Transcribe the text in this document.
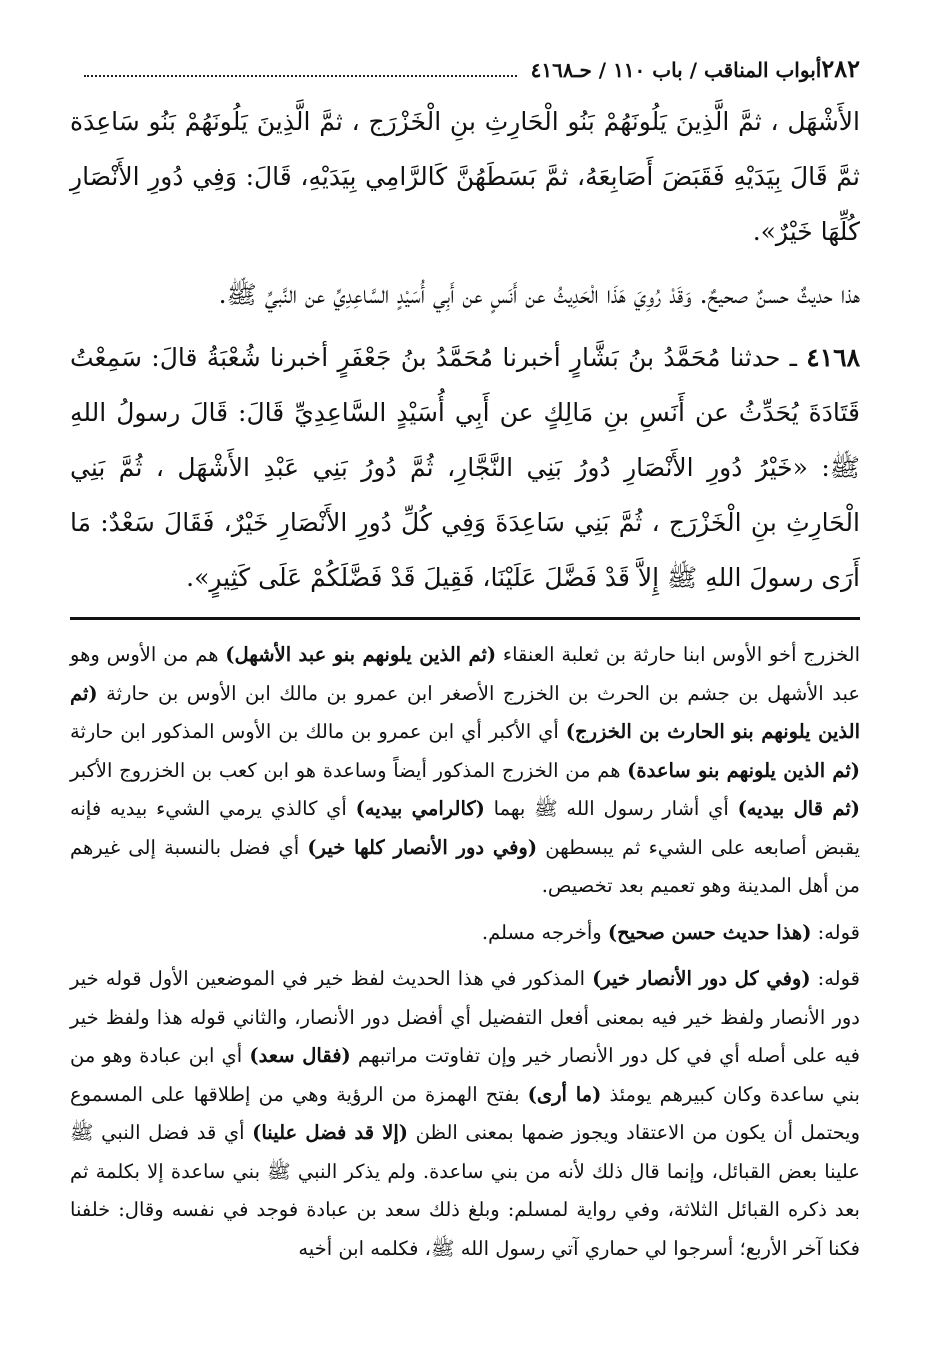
٢٨٢
أبواب المناقب / باب ١١٠ / حـ٤١٦٨

الأَشْهَل ، ثمَّ الَّذِينَ يَلُونَهُمْ بَنُو الْحَارِثِ بنِ الْخَزْرَج ، ثمَّ الَّذِينَ يَلُونَهُمْ بَنُو سَاعِدَة ثمَّ قَالَ بِيَدَيْهِ فَقَبَضَ أَصَابِعَهُ، ثمَّ بَسَطَهُنَّ كَالرَّامِي بِيَدَيْهِ، قَالَ: وَفِي دُورِ الأَنْصَارِ كُلِّهَا خَيْرٌ».

هذا حديثٌ حسنٌ صحيحٌ. وَقَدْ رُوِيَ هَذَا الْحَدِيثُ عن أَنَسٍ عن أَبِي أُسَيْدٍ السَّاعِدِيِّ عن النَّبيِّ ﷺ.

٤١٦٨ ـ حدثنا مُحَمَّدُ بنُ بَشَّارٍ أخبرنا مُحَمَّدُ بنُ جَعْفَرٍ أخبرنا شُعْبَةُ قالَ: سَمِعْتُ قَتَادَةَ يُحَدِّثُ عن أَنَسِ بنِ مَالِكٍ عن أَبِي أُسَيْدٍ السَّاعِدِيِّ قَالَ: قَالَ رسولُ اللهِ ﷺ: «خَيْرُ دُورِ الأَنْصَارِ دُورُ بَنِي النَّجَّارِ، ثُمَّ دُورُ بَنِي عَبْدِ الأَشْهَل ، ثُمَّ بَنِي الْحَارِثِ بنِ الْخَزْرَج ، ثُمَّ بَنِي سَاعِدَةَ وَفِي كُلِّ دُورِ الأَنْصَارِ خَيْرٌ، فَقَالَ سَعْدٌ: مَا أَرَى رسولَ اللهِ ﷺ إِلاَّ قَدْ فَضَّلَ عَلَيْنَا، فَقِيلَ قَدْ فَضَّلَكُمْ عَلَى كَثِيرٍ».

الخزرج أخو الأوس ابنا حارثة بن ثعلبة العنقاء (ثم الذين يلونهم بنو عبد الأشهل) هم من الأوس وهو عبد الأشهل بن جشم بن الحرث بن الخزرج الأصغر ابن عمرو بن مالك ابن الأوس بن حارثة (ثم الذين يلونهم بنو الحارث بن الخزرج) أي الأكبر أي ابن عمرو بن مالك بن الأوس المذكور ابن حارثة (ثم الذين يلونهم بنو ساعدة) هم من الخزرج المذكور أيضاً وساعدة هو ابن كعب بن الخزروج الأكبر (ثم قال بيديه) أي أشار رسول الله ﷺ بهما (كالرامي بيديه) أي كالذي يرمي الشيء بيديه فإنه يقبض أصابعه على الشيء ثم يبسطهن (وفي دور الأنصار كلها خير) أي فضل بالنسبة إلى غيرهم من أهل المدينة وهو تعميم بعد تخصيص.

قوله: (هذا حديث حسن صحيح) وأخرجه مسلم.

قوله: (وفي كل دور الأنصار خير) المذكور في هذا الحديث لفظ خير في الموضعين الأول قوله خير دور الأنصار ولفظ خير فيه بمعنى أفعل التفضيل أي أفضل دور الأنصار، والثاني قوله هذا ولفظ خير فيه على أصله أي في كل دور الأنصار خير وإن تفاوتت مراتبهم (فقال سعد) أي ابن عبادة وهو من بني ساعدة وكان كبيرهم يومئذ (ما أرى) بفتح الهمزة من الرؤية وهي من إطلاقها على المسموع ويحتمل أن يكون من الاعتقاد ويجوز ضمها بمعنى الظن (إلا قد فضل علينا) أي قد فضل النبي ﷺ علينا بعض القبائل، وإنما قال ذلك لأنه من بني ساعدة. ولم يذكر النبي ﷺ بني ساعدة إلا بكلمة ثم بعد ذكره القبائل الثلاثة، وفي رواية لمسلم: وبلغ ذلك سعد بن عبادة فوجد في نفسه وقال: خلفنا فكنا آخر الأربع؛ أسرجوا لي حماري آتي رسول الله ﷺ، فكلمه ابن أخيه
